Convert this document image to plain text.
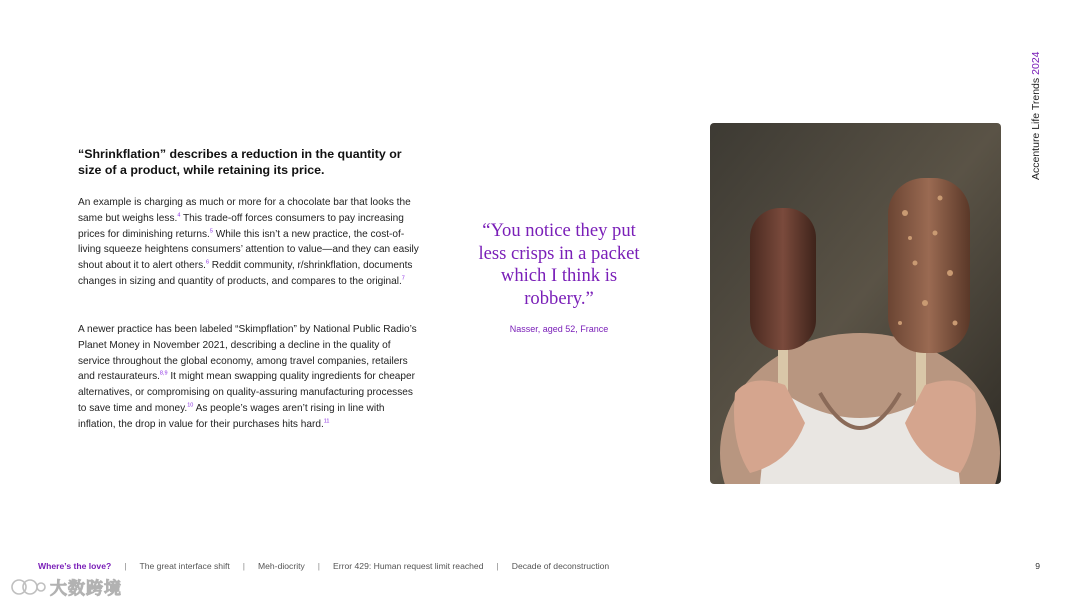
“Shrinkflation” describes a reduction in the quantity or size of a product, while retaining its price.
An example is charging as much or more for a chocolate bar that looks the same but weighs less.$^4$ This trade-off forces consumers to pay increasing prices for diminishing returns.$^5$ While this isn’t a new practice, the cost-of-living squeeze heightens consumers’ attention to value—and they can easily shout about it to alert others.$^6$ Reddit community, r/shrinkflation, documents changes in sizing and quantity of products, and compares to the original.$^7$
A newer practice has been labeled “Skimpflation” by National Public Radio’s Planet Money in November 2021, describing a decline in the quality of service throughout the global economy, among travel companies, retailers and restaurateurs.$^{8,9}$ It might mean swapping quality ingredients for cheaper alternatives, or compromising on quality-assuring manufacturing processes to save time and money.$^{10}$ As people’s wages aren’t rising in line with inflation, the drop in value for their purchases hits hard.$^{11}$
“You notice they put less crisps in a packet which I think is robbery.”
Nasser, aged 52, France
Accenture Life Trends2024
Where’s the love? | The great interface shift | Meh-diocrity | Error 429: Human request limit reached | Decade of deconstruction	9
大数跨境
